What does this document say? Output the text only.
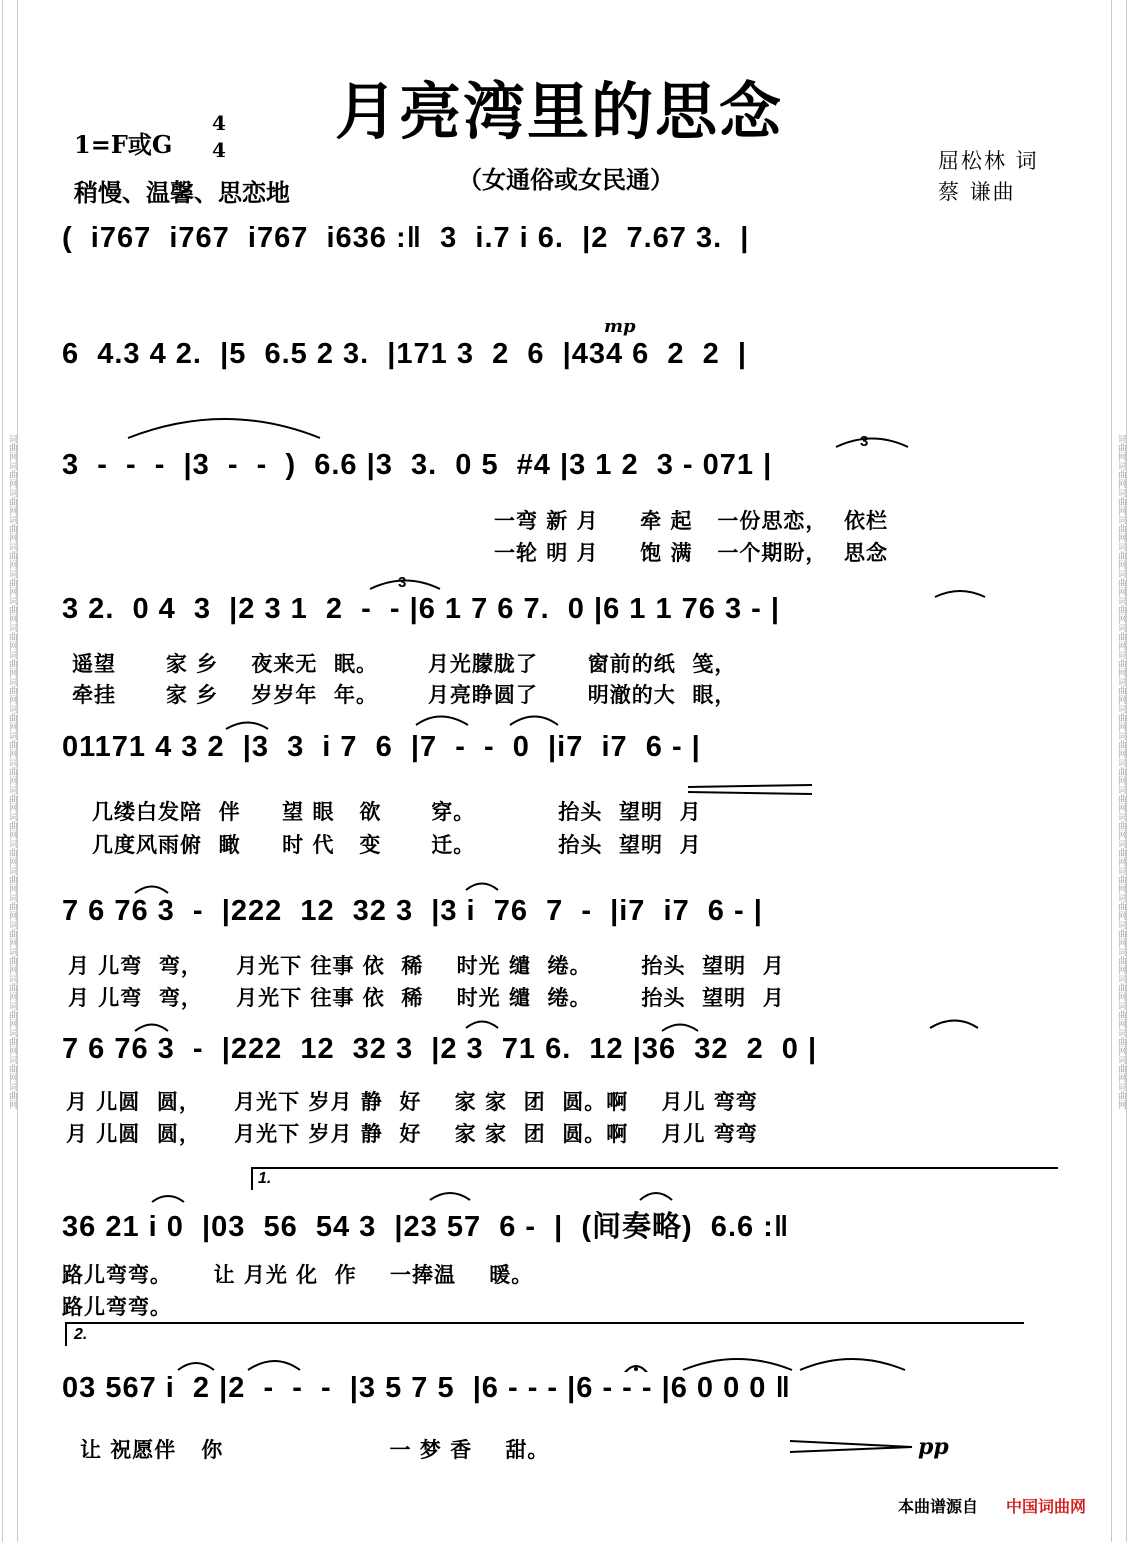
词曲网词曲网词曲网词曲网词曲网词曲网词曲网词曲网词曲网词曲网词曲网词曲网词曲网词曲网词曲网词曲网词曲网词曲网词曲网词曲网词曲网词曲网词曲网词曲网词曲网	词曲网词曲网词曲网词曲网词曲网词曲网词曲网词曲网词曲网词曲网词曲网词曲网词曲网词曲网词曲网词曲网词曲网词曲网词曲网词曲网词曲网词曲网词曲网词曲网词曲网
月亮湾里的思念
（女通俗或女民通）
1=F或G
4
4
稍慢、温馨、思恋地
屈松林 词
蔡 谦曲
(  i767  i767  i767  i636 :‖  3  i.7 i 6.  |2  7.67 3.  |
6  4.3 4 2.  |5  6.5 2 3.  |171 3  2  6  |434 6  2  2  |
3  -  -  -  |3  -  -  )  6.6 |3  3.  0 5  #4 |3 1 2  3 - 071 |
3 2.  0 4  3  |2 3 1  2  -  - |6 1 7 6 7.  0 |6 1 1 76 3 - |
01171 4 3 2  |3  3  i 7  6  |7  -  -  0  |i7  i7  6 - |
7 6 76 3  -  |222  12  32 3  |3 i  76  7  -  |i7  i7  6 - |
7 6 76 3  -  |222  12  32 3  |2 3  71 6.  12 |36  32  2  0 |
36 21 i 0  |03  56  54 3  |23 57  6 -  |  (间奏略)  6.6 :‖
03 567 i  2 |2  -  -  -  |3 5 7 5  |6 - - - |6 - - - |6 0 0 0 ‖
mp
3
3
1.
2.
pp
一弯 新 月     牵 起   一份思恋，  依栏
一轮 明 月     饱 满   一个期盼，  思念
遥望      家 乡    夜来无  眠。      月光朦胧了      窗前的纸  笺，
牵挂      家 乡    岁岁年  年。      月亮睁圆了      明澈的大  眼，
几缕白发陪  伴     望 眼   欲      穿。          抬头  望明  月
几度风雨俯  瞰     时 代   变      迁。          抬头  望明  月
月 儿弯  弯，    月光下 往事 依  稀    时光 缱  绻。      抬头  望明  月
月 儿弯  弯，    月光下 往事 依  稀    时光 缱  绻。      抬头  望明  月
月 儿圆  圆，    月光下 岁月 静  好    家 家  团  圆。啊    月儿 弯弯
月 儿圆  圆，    月光下 岁月 静  好    家 家  团  圆。啊    月儿 弯弯
路儿弯弯。     让 月光 化  作    一捧温    暖。
路儿弯弯。
让 祝愿伴   你                    一 梦 香    甜。
本曲谱源自 中国词曲网
